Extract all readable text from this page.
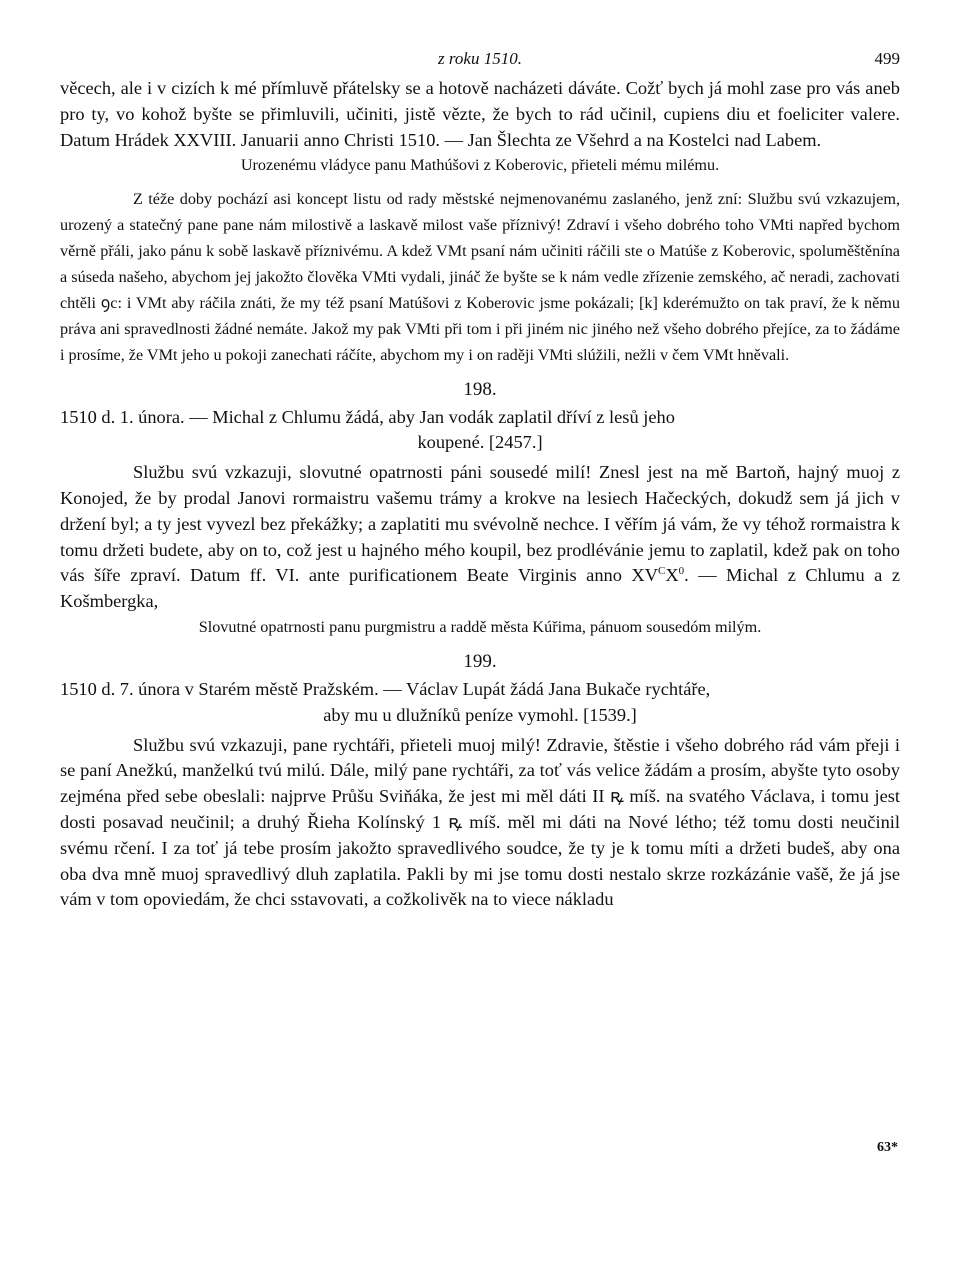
z roku 1510.	499

věcech, ale i v cizích k mé přímluvě přátelsky se a hotově nacházeti dáváte. Cožť bych já mohl zase pro vás aneb pro ty, vo kohož byšte se přimluvili, učiniti, jistě vězte, že bych to rád učinil, cupiens diu et foeliciter valere. Datum Hrádek XXVIII. Januarii anno Christi 1510. — Jan Šlechta ze Všehrd a na Kostelci nad Labem.

Urozenému vládyce panu Mathúšovi z Koberovic, přieteli mému milému.

Z téže doby pochází asi koncept listu od rady městské nejmenovanému zaslaného, jenž zní: Službu svú vzkazujem, urozený a statečný pane pane nám milostivě a laskavě milost vaše příznivý! Zdraví i všeho dobrého toho VMti napřed bychom věrně přáli, jako pánu k sobě laskavě příznivému. A kdež VMt psaní nám učiniti ráčili ste o Matúše z Koberovic, spoluměštěnína a súseda našeho, abychom jej jakožto člověka VMti vydali, jináč že byšte se k nám vedle zřízenie zemského, ač neradi, zachovati chtěli ꝯc: i VMt aby ráčila znáti, že my též psaní Matúšovi z Koberovic jsme pokázali; [k] kderémužto on tak praví, že k němu práva ani spravedlnosti žádné nemáte. Jakož my pak VMti při tom i při jiném nic jiného než všeho dobrého přejíce, za to žádáme i prosíme, že VMt jeho u pokoji zanechati ráčíte, abychom my i on raději VMti slúžili, nežli v čem VMt hněvali.

198.

1510 d. 1. února. — Michal z Chlumu žádá, aby Jan vodák zaplatil dříví z lesů jeho
koupené. [2457.]

Službu svú vzkazuji, slovutné opatrnosti páni sousedé milí! Znesl jest na mě Bartoň, hajný muoj z Konojed, že by prodal Janovi rormaistru vašemu trámy a krokve na lesiech Hačeckých, dokudž sem já jich v držení byl; a ty jest vyvezl bez překážky; a zaplatiti mu svévolně nechce. I věřím já vám, že vy téhož rormaistra k tomu držeti budete, aby on to, což jest u hajného mého koupil, bez prodlévánie jemu to zaplatil, kdež pak on toho vás šíře zpraví. Datum ff. VI. ante purificationem Beate Virginis anno $XV^CX^0$. — Michal z Chlumu a z Košmbergka,

Slovutné opatrnosti panu purgmistru a raddě města Kúřima, pánuom sousedóm milým.

199.

1510 d. 7. února v Starém městě Pražském. — Václav Lupát žádá Jana Bukače rychtáře,
aby mu u dlužníků peníze vymohl. [1539.]

Službu svú vzkazuji, pane rychtáři, přieteli muoj milý! Zdravie, štěstie i všeho dobrého rád vám přeji i se paní Anežkú, manželkú tvú milú. Dále, milý pane rychtáři, za toť vás velice žádám a prosím, abyšte tyto osoby zejména před sebe obeslali: najprve Průšu Sviňáka, že jest mi měl dáti II ꝶ míš. na svatého Václava, i tomu jest dosti posavad neučinil; a druhý Řieha Kolínský 1 ꝶ míš. měl mi dáti na Nové létho; též tomu dosti neučinil svému rčení. I za toť já tebe prosím jakožto spravedlivého soudce, že ty je k tomu míti a držeti budeš, aby ona oba dva mně muoj spravedlivý dluh zaplatila. Pakli by mi jse tomu dosti nestalo skrze rozkázánie vašě, že já jse vám v tom opoviedám, že chci sstavovati, a cožkolivěk na to viece nákladu

63*
